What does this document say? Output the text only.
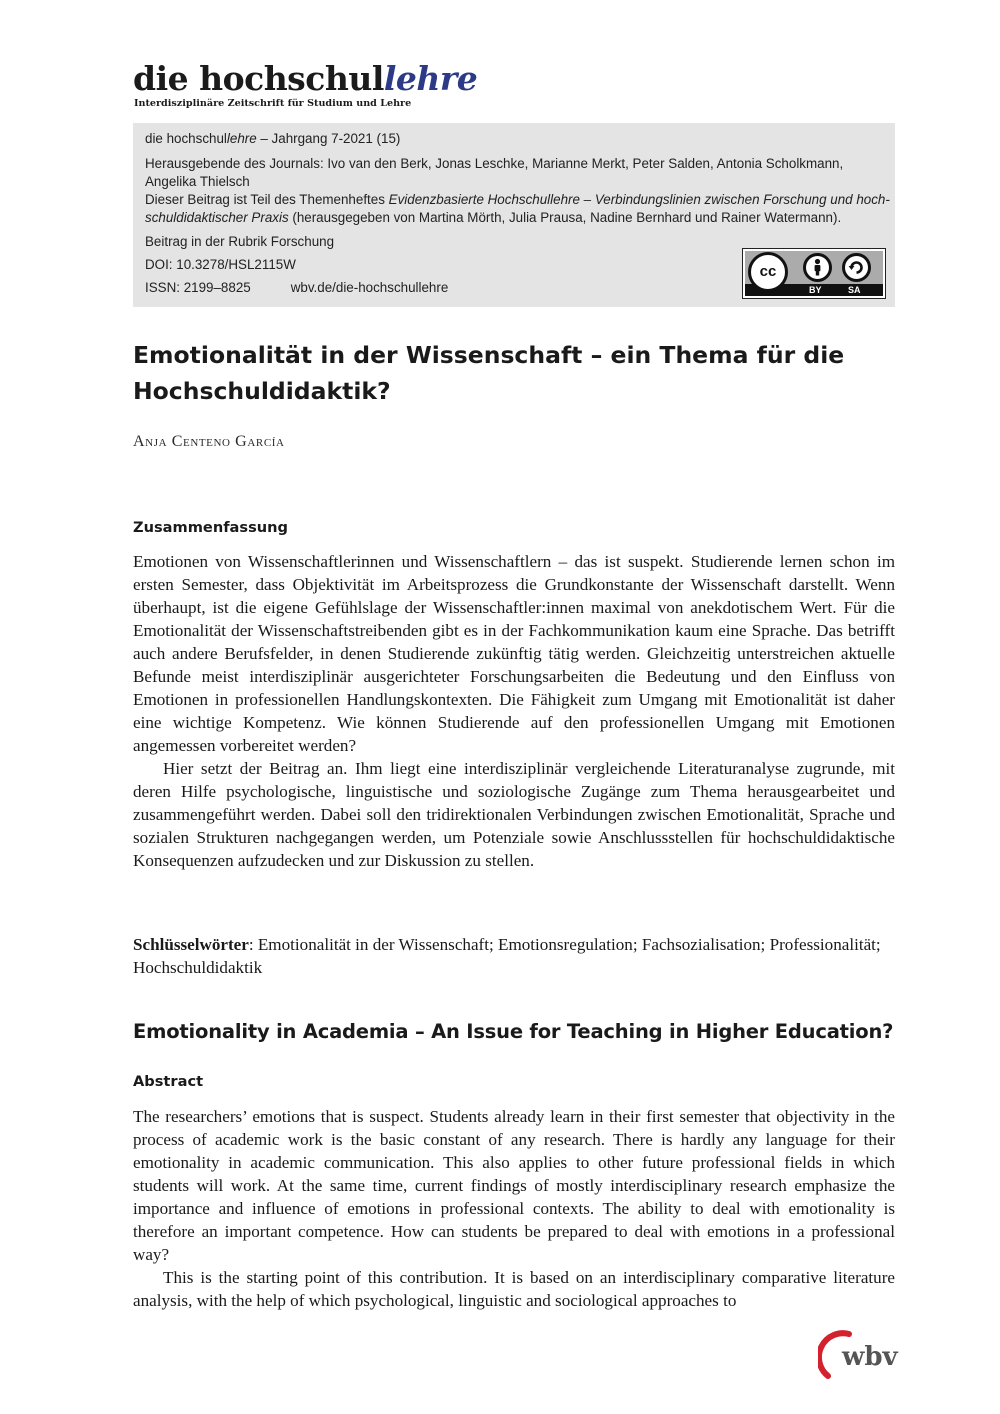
die hochschullehre
Interdisziplinäre Zeitschrift für Studium und Lehre
die hochschullehre – Jahrgang 7-2021 (15)
Herausgebende des Journals: Ivo van den Berk, Jonas Leschke, Marianne Merkt, Peter Salden, Antonia Scholkmann,
Angelika Thielsch
Dieser Beitrag ist Teil des Themenheftes Evidenzbasierte Hochschullehre – Verbindungslinien zwischen Forschung und hoch-
schuldidaktischer Praxis (herausgegeben von Martina Mörth, Julia Prausa, Nadine Bernhard und Rainer Watermann).
Beitrag in der Rubrik Forschung
DOI: 10.3278/HSL2115W
ISSN: 2199–8825	wbv.de/die-hochschullehre
cc
BY	SA
Emotionalität in der Wissenschaft – ein Thema für die Hochschuldidaktik?
Anja Centeno García
Zusammenfassung

Emotionen von Wissenschaftlerinnen und Wissenschaftlern – das ist suspekt. Studierende lernen schon im ersten Semester, dass Objektivität im Arbeitsprozess die Grundkonstante der Wissenschaft darstellt. Wenn überhaupt, ist die eigene Gefühlslage der Wissenschaftler:innen maximal von anekdotischem Wert. Für die Emotionalität der Wissenschaftstreibenden gibt es in der Fachkommunikation kaum eine Sprache. Das betrifft auch andere Berufsfelder, in denen Studierende zukünftig tätig werden. Gleichzeitig unterstreichen aktuelle Befunde meist interdisziplinär ausgerichteter Forschungsarbeiten die Bedeutung und den Einfluss von Emotionen in professionellen Handlungskontexten. Die Fähigkeit zum Umgang mit Emotionalität ist daher eine wichtige Kompetenz. Wie können Studierende auf den professionellen Umgang mit Emotionen angemessen vorbereitet werden?

Hier setzt der Beitrag an. Ihm liegt eine interdisziplinär vergleichende Literaturanalyse zugrunde, mit deren Hilfe psychologische, linguistische und soziologische Zugänge zum Thema herausgearbeitet und zusammengeführt werden. Dabei soll den tridirektionalen Verbindungen zwischen Emotionalität, Sprache und sozialen Strukturen nachgegangen werden, um Potenziale sowie Anschlussstellen für hochschuldidaktische Konsequenzen aufzudecken und zur Diskussion zu stellen.

Schlüsselwörter: Emotionalität in der Wissenschaft; Emotionsregulation; Fachsozialisation; Professionalität; Hochschuldidaktik
Emotionality in Academia – An Issue for Teaching in Higher Education?
Abstract

The researchers’ emotions that is suspect. Students already learn in their first semester that objectivity in the process of academic work is the basic constant of any research. There is hardly any language for their emotionality in academic communication. This also applies to other future professional fields in which students will work. At the same time, current findings of mostly interdisciplinary research emphasize the importance and influence of emotions in professional contexts. The ability to deal with emotionality is therefore an important competence. How can students be prepared to deal with emotions in a professional way?

This is the starting point of this contribution. It is based on an interdisciplinary comparative literature analysis, with the help of which psychological, linguistic and sociological approaches to

wbv
